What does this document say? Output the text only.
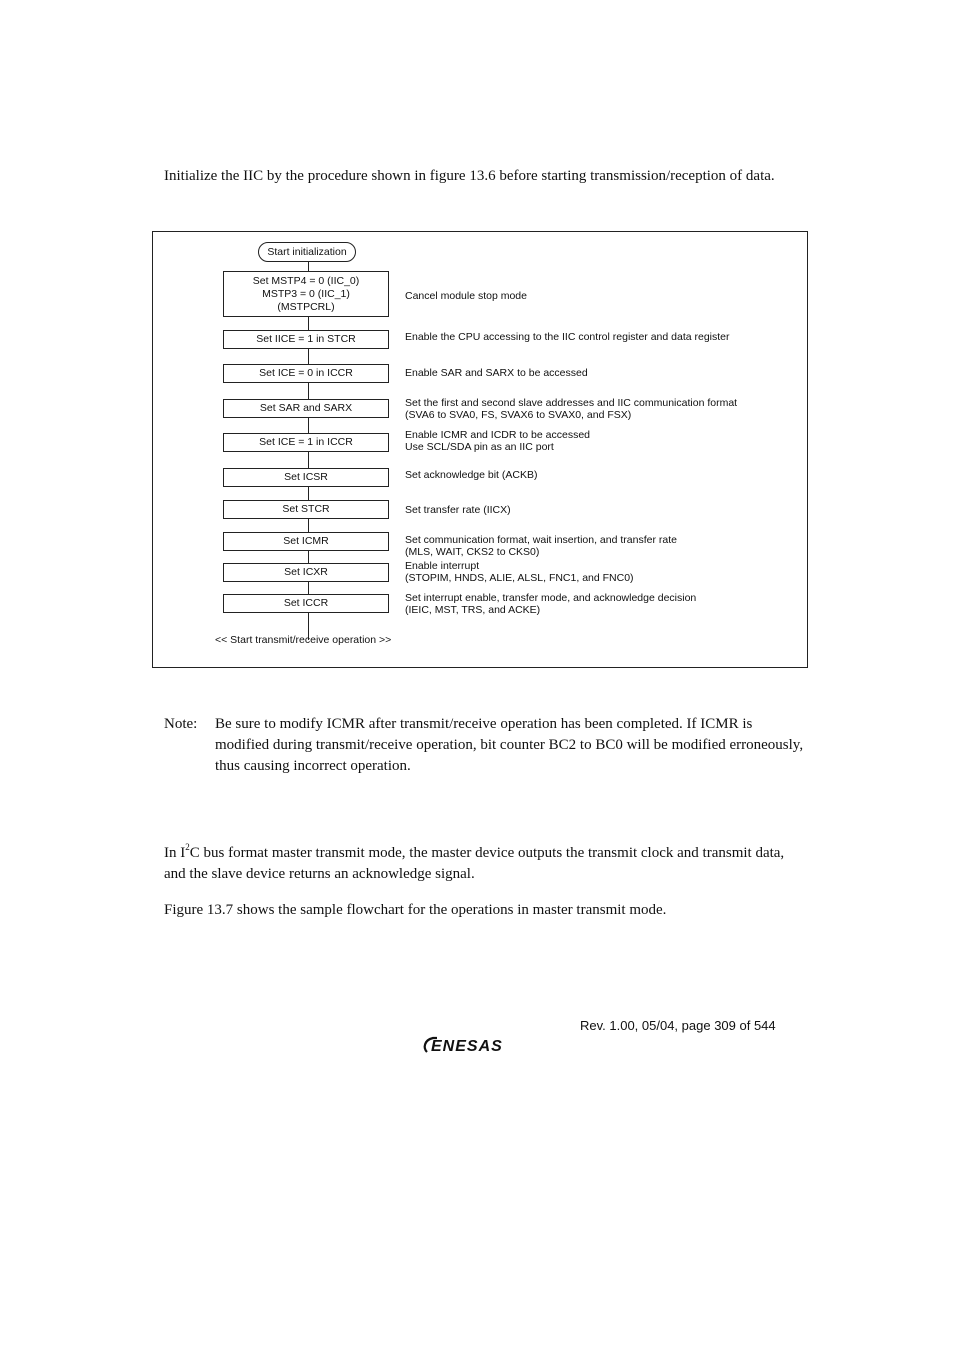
Initialize the IIC by the procedure shown in figure 13.6 before starting transmission/reception of data.
Start initialization
Set MSTP4 = 0 (IIC_0)
MSTP3 = 0 (IIC_1)
(MSTPCRL)
Cancel module stop mode
Set IICE = 1 in STCR	Enable the CPU accessing to the IIC control register and data register
Set ICE = 0 in ICCR	Enable SAR and SARX to be accessed
Set SAR and SARX	Set the first and second slave addresses and IIC communication format
(SVA6 to SVA0, FS, SVAX6 to SVAX0, and FSX)
Set ICE = 1 in ICCR
Enable ICMR and ICDR to be accessed
Use SCL/SDA pin as an IIC port
Set ICSR	Set acknowledge bit (ACKB)
Set STCR	Set transfer rate (IICX)
Set ICMR	Set communication format, wait insertion, and transfer rate
(MLS, WAIT, CKS2 to CKS0)
Set ICXR	Enable interrupt
(STOPIM, HNDS, ALIE, ALSL, FNC1, and FNC0)
Set ICCR	Set interrupt enable, transfer mode, and acknowledge decision
(IEIC, MST, TRS, and ACKE)
<< Start transmit/receive operation >>
Note: Be sure to modify ICMR after transmit/receive operation has been completed. If ICMR is modified during transmit/receive operation, bit counter BC2 to BC0 will be modified erroneously, thus causing incorrect operation.
In $I^2C$ bus format master transmit mode, the master device outputs the transmit clock and transmit data, and the slave device returns an acknowledge signal.
Figure 13.7 shows the sample flowchart for the operations in master transmit mode.
Rev. 1.00, 05/04, page 309 of 544
ENESAS
